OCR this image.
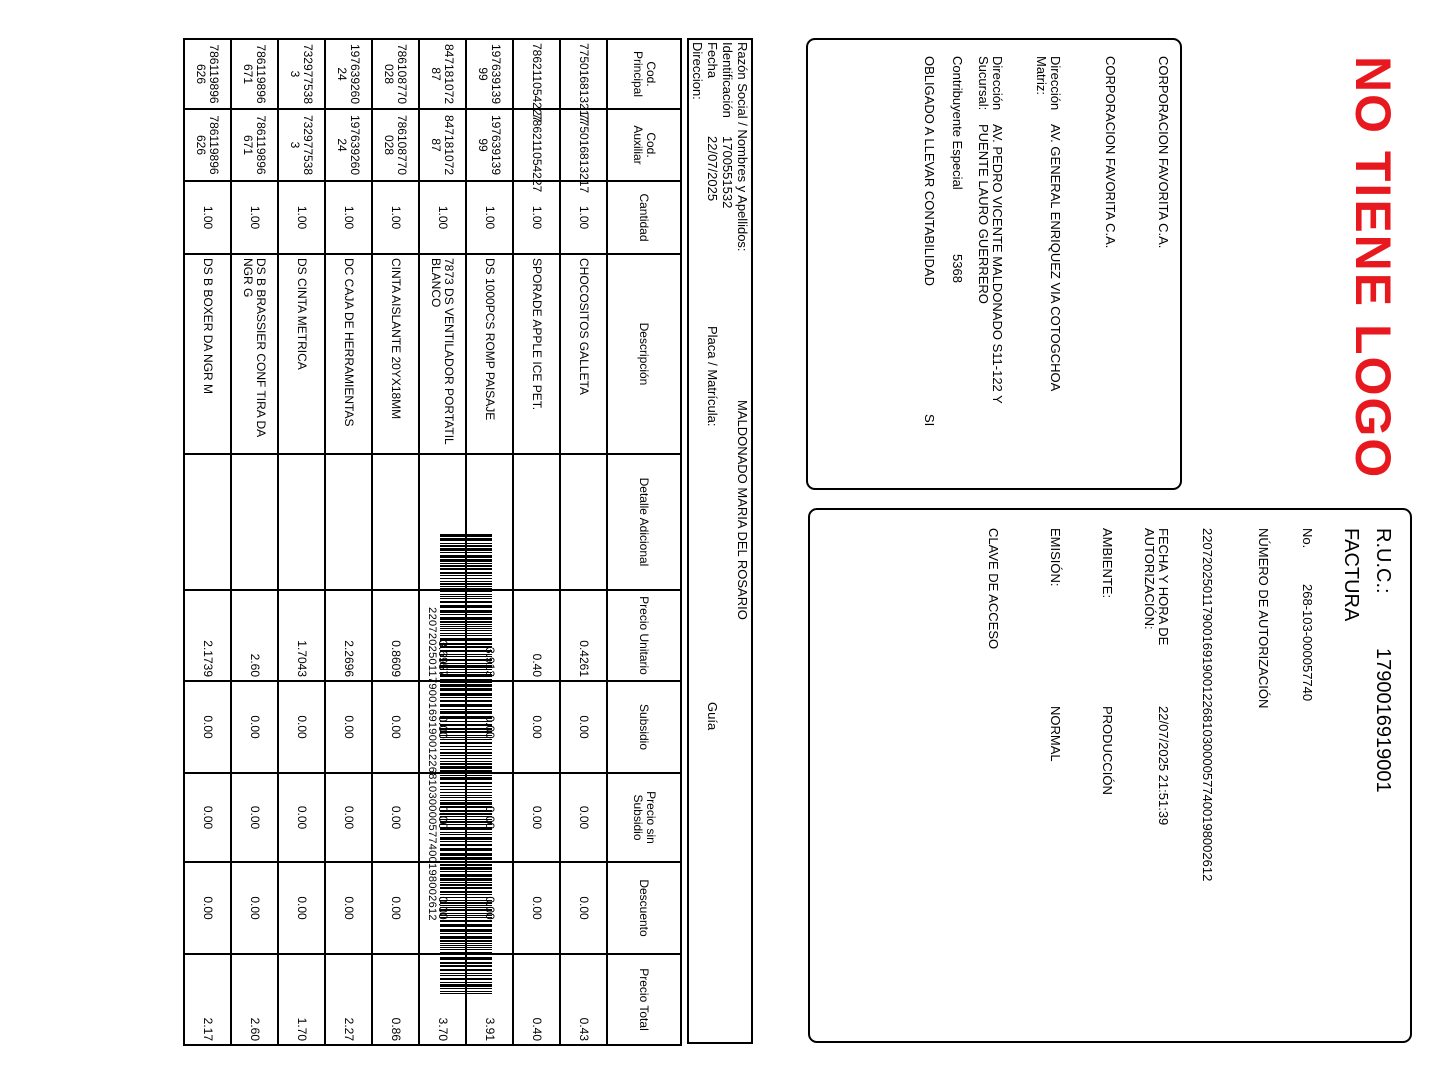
NO TIENE LOGO
CORPORACION FAVORITA C.A.
CORPORACION FAVORITA C.A.
Dirección Matriz:
AV. GENERAL ENRIQUEZ VIA COTOGCHOA
Dirección Sucursal:
AV. PEDRO VICENTE MALDONADO S11-122 Y PUENTE LAURO GUERRERO
Contribuyente Especial
5368
OBLIGADO A LLEVAR CONTABILIDAD
SI
R.U.C.:
1790016919001
FACTURA
No.
268-103-000057740
NÚMERO DE AUTORIZACIÓN
2207202501179001691900122681030000577400198002612
FECHA Y HORA DE AUTORIZACIÓN:
22/07/2025 21:51:39
AMBIENTE:
PRODUCCIÓN
EMISIÓN:
NORMAL
CLAVE DE ACCESO
2207202501179001691900122681030000577400198002612
Razón Social / Nombres y Apellidos:
MALDONADO MARIA DEL ROSARIO
Identificación
1700551532
Fecha
22/07/2025
Placa / Matrícula:
Guía
Direccion:
Cod. Principal	Cod. Auxiliar	Cantidad	Descripción	Detalle Adicional	Precio Unitario	Subsidio	Precio sin Subsidio	Descuento	Precio Total
775016813217	775016813217	1.00	CHOCOSITOS GALLETA		0.4261	0.00	0.00	0.00	0.43
786211054227	786211054227	1.00	SPORADE APPLE ICE PET.		0.40	0.00	0.00	0.00	0.40
197639139 99	197639139 99	1.00	DS 1000PCS ROMP PAISAJE		3.913	0.00	0.00	0.00	3.91
847181072 87	847181072 87	1.00	7873 DS VENTILADOR PORTATIL BLANCO		3.6957	0.00	0.00	0.00	3.70
786108770 028	786108770 028	1.00	CINTA AISLANTE 20YX18MM		0.8609	0.00	0.00	0.00	0.86
197639260 24	197639260 24	1.00	DC CAJA DE HERRAMIENTAS		2.2696	0.00	0.00	0.00	2.27
732977538 3	732977538 3	1.00	DS CINTA METRICA		1.7043	0.00	0.00	0.00	1.70
786119896 671	786119896 671	1.00	DS B BRASSIER CONF TIRA DA NGR G		2.60	0.00	0.00	0.00	2.60
786119896 626	786119896 626	1.00	DS B BOXER DA NGR M		2.1739	0.00	0.00	0.00	2.17
